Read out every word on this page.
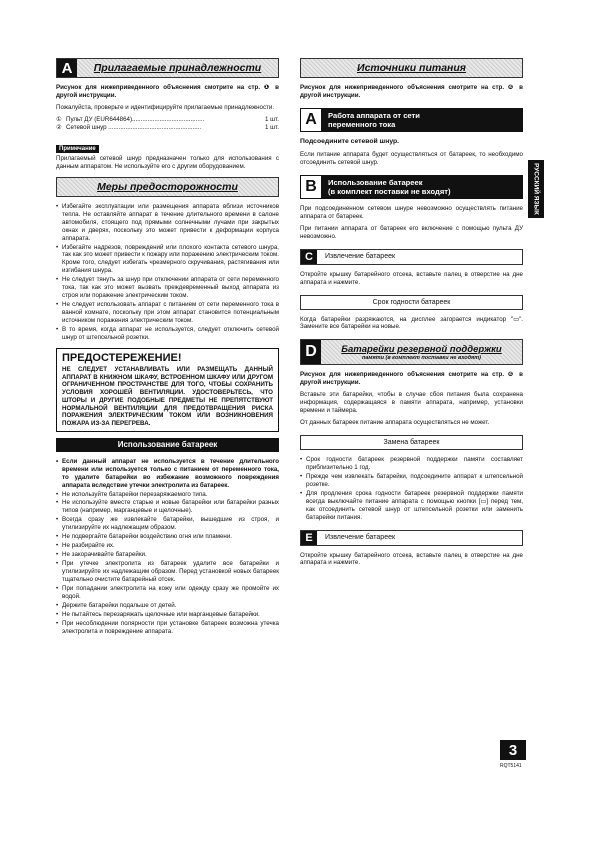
A	Прилагаемые принадлежности

Рисунок для нижеприведенного объяснения смотрите на стр. ❶ в другой инструкции.

Пожалуйста, проверьте и идентифицируйте прилагаемые принадлежности.

① Пульт ДУ (EUR644864)..........................................	1 шт.
② Сетевой шнур ......................................................	1 шт.
Примечание

Прилагаемый сетевой шнур предназначен только для использования с данным аппаратом. Не используйте его с другим оборудованием.

Меры предосторожности
• Избегайте эксплуатации или размещения аппарата вблизи источников тепла. Не оставляйте аппарат в течение длительного времени в салоне автомобиля, стоящего под прямыми солнечными лучами при закрытых окнах и дверях, поскольку это может привести к деформации корпуса аппарата.
• Избегайте надрезов, повреждений или плохого контакта сетевого шнура, так как это может привести к пожару или поражению электрическим током. Кроме того, следует избегать чрезмерного скручивания, растягивания или изгибания шнура.
• Не следует тянуть за шнур при отключении аппарата от сети переменного тока, так как это может вызвать преждевременный выход аппарата из строя или поражение электрическим током.
• Не следует использовать аппарат с питанием от сети переменного тока в ванной комнате, поскольку при этом аппарат становится потенциальным источником поражения электрическим током.
• В то время, когда аппарат не используется, следует отключить сетевой шнур от штепсельной розетки.
ПРЕДОСТЕРЕЖЕНИЕ!
НЕ СЛЕДУЕТ УСТАНАВЛИВАТЬ ИЛИ РАЗМЕЩАТЬ ДАННЫЙ АППАРАТ В КНИЖНОМ ШКАФУ, ВСТРОЕННОМ ШКАФУ ИЛИ ДРУГОМ ОГРАНИЧЕННОМ ПРОСТРАНСТВЕ ДЛЯ ТОГО, ЧТОБЫ СОХРАНИТЬ УСЛОВИЯ ХОРОШЕЙ ВЕНТИЛЯЦИИ. УДОСТОВЕРЬТЕСЬ, ЧТО ШТОРЫ И ДРУГИЕ ПОДОБНЫЕ ПРЕДМЕТЫ НЕ ПРЕПЯТСТВУЮТ НОРМАЛЬНОЙ ВЕНТИЛЯЦИИ ДЛЯ ПРЕДОТВРАЩЕНИЯ РИСКА ПОРАЖЕНИЯ ЭЛЕКТРИЧЕСКИМ ТОКОМ ИЛИ ВОЗНИКНОВЕНИЯ ПОЖАРА ИЗ-ЗА ПЕРЕГРЕВА.
Использование батареек
• Если данный аппарат не используется в течение длительного времени или используется только с питанием от переменного тока, то удалите батарейки во избежание возможного повреждения аппарата вследствие утечки электролита из батареек.
• Не используйте батарейки перезаряжаемого типа.
• Не используйте вместе старые и новые батарейки или батарейки разных типов (например, марганцевые и щелочные).
• Всегда сразу же извлекайте батарейки, вышедшие из строя, и утилизируйте их надлежащим образом.
• Не подвергайте батарейки воздействию огня или пламени.
• Не разбирайте их.
• Не закорачивайте батарейки.
• При утечке электролита из батареек удалите все батарейки и утилизируйте их надлежащим образом. Перед установкой новых батареек тщательно очистите батарейный отсек.
• При попадании электролита на кожу или одежду сразу же промойте их водой.
• Держите батарейки подальше от детей.
• Не пытайтесь перезаряжать щелочные или марганцевые батарейки.
• При несоблюдении полярности при установке батареек возможна утечка электролита и повреждение аппарата.
Источники питания

Рисунок для нижеприведенного объяснения смотрите на стр. ❻ в другой инструкции.

A	Работа аппарата от сети
переменного тока

Подсоедините сетевой шнур.

Если питание аппарата будет осуществляться от батареек, то необходимо отсоединить сетевой шнур.

B	Использование батареек
(в комплект поставки не входят)

При подсоединенном сетевом шнуре невозможно осуществлять питание аппарата от батареек.

При питании аппарата от батареек его включение с помощью пульта ДУ невозможно.

C	Извлечение батареек

Откройте крышку батарейного отсека, вставьте палец в отверстие на дне аппарата и нажмите.

Срок годности батареек

Когда батарейки разряжаются, на дисплее загорается индикатор "▭". Замените все батарейки на новые.

D	Батарейки резервной поддержки
памяти (в комплект поставки не входят)

Рисунок для нижеприведенного объяснения смотрите на стр. ❻ в другой инструкции.

Вставьте эти батарейки, чтобы в случае сбоя питания была сохранена информация, содержащаяся в памяти аппарата, например, установки времени и таймера.

От данных батареек питание аппарата осуществляться не может.

Замена батареек
• Срок годности батареек резервной поддержки памяти составляет приблизительно 1 год.
• Прежде чем извлекать батарейки, подсоедините аппарат к штепсельной розетке.
• Для продления срока годности батареек резервной поддержки памяти всегда выключайте питание аппарата с помощью кнопки [▭] перед тем, как отсоединить сетевой шнур от штепсельной розетки или заменить батарейки питания.
E	Извлечение батареек

Откройте крышку батарейного отсека, вставьте палец в отверстие на дне аппарата и нажмите.

РУССКИЙ ЯЗЫК
3
RQT5141
